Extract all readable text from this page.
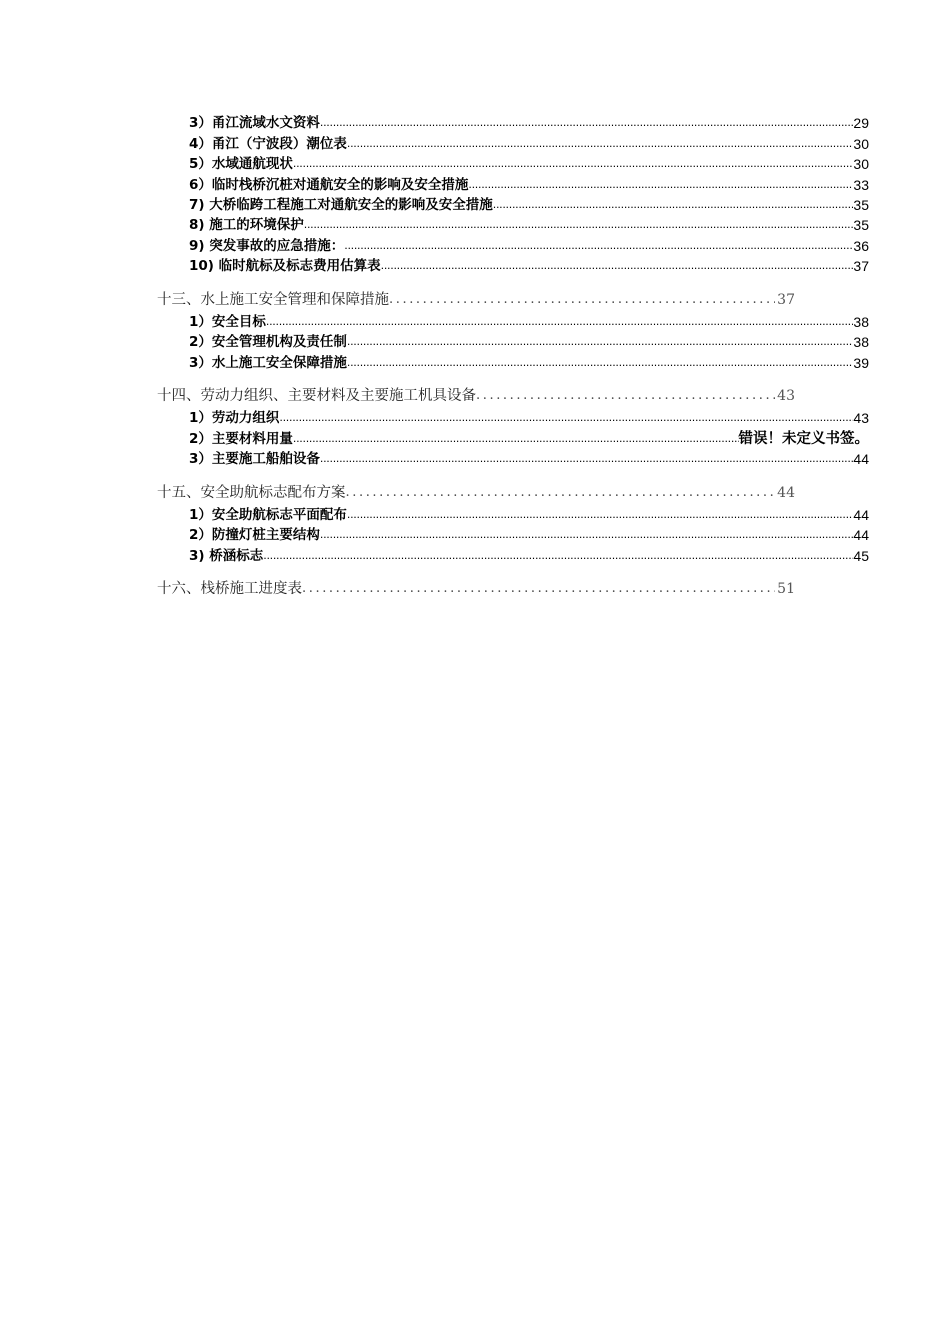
3）甬江流域水文资料 .....	29
4）甬江（宁波段）潮位表 .....	30
5）水域通航现状 .....	30
6）临时栈桥沉桩对通航安全的影响及安全措施 .....	33
7) 大桥临跨工程施工对通航安全的影响及安全措施 .....	35
8) 施工的环境保护 .....	35
9) 突发事故的应急措施： .....	36
10) 临时航标及标志费用估算表 .....	37
十三、水上施工安全管理和保障措施 .....	37
1）安全目标 .....	38
2）安全管理机构及责任制 .....	38
3）水上施工安全保障措施 .....	39
十四、劳动力组织、主要材料及主要施工机具设备 .....	43
1）劳动力组织 .....	43
2）主要材料用量 .....	错误！未定义书签。
3）主要施工船舶设备 .....	44
十五、安全助航标志配布方案 .....	44
1）安全助航标志平面配布 .....	44
2）防撞灯桩主要结构 .....	44
3) 桥涵标志 .....	45
十六、栈桥施工进度表 .....	51
